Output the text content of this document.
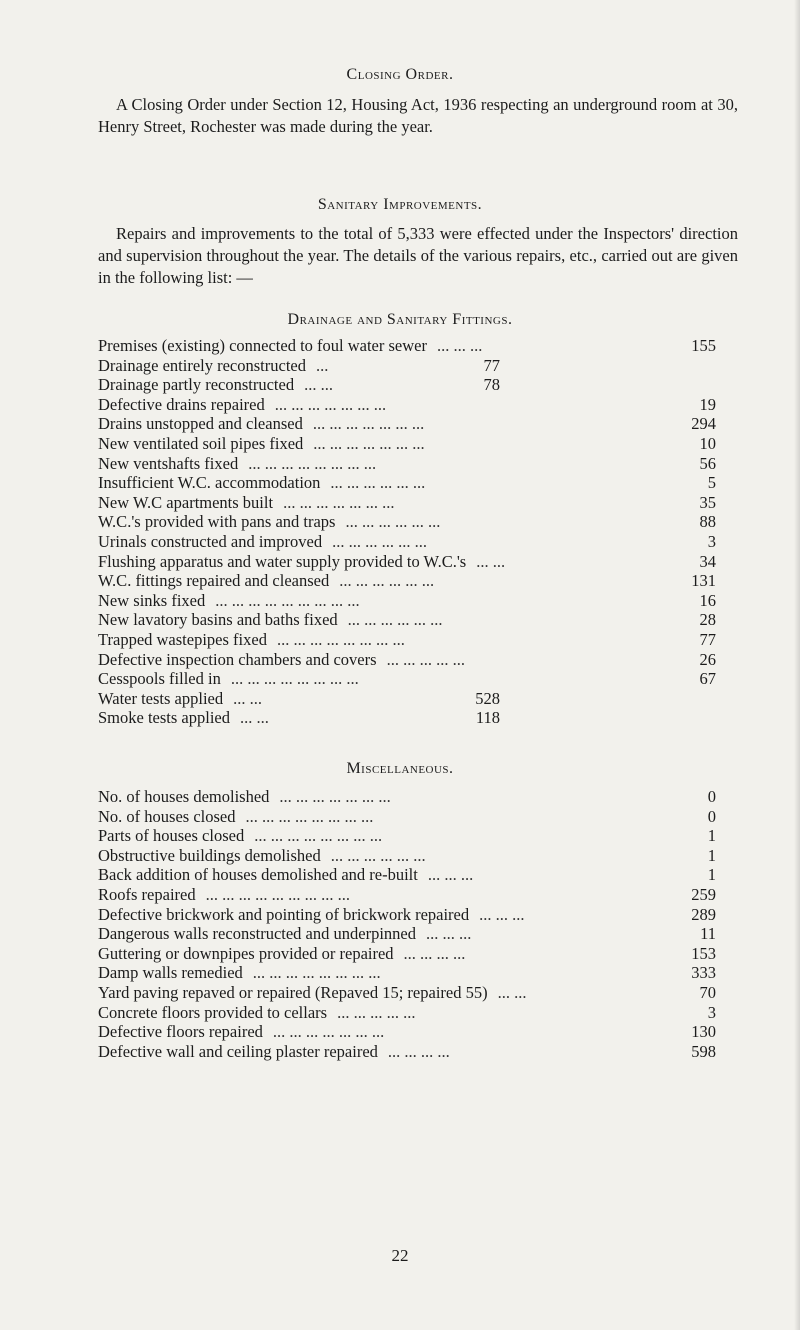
Closing Order.
A Closing Order under Section 12, Housing Act, 1936 respecting an underground room at 30, Henry Street, Rochester was made during the year.
Sanitary Improvements.
Repairs and improvements to the total of 5,333 were effected under the Inspectors' direction and supervision throughout the year. The details of the various repairs, etc., carried out are given in the following list: —
Drainage and Sanitary Fittings.
Premises (existing) connected to foul water sewer ... ... ...	155
Drainage entirely reconstructed ...	77
Drainage partly reconstructed ... ...	78
Defective drains repaired ... ... ... ... ... ... ...	19
Drains unstopped and cleansed ... ... ... ... ... ... ...	294
New ventilated soil pipes fixed ... ... ... ... ... ... ...	10
New ventshafts fixed ... ... ... ... ... ... ... ...	56
Insufficient W.C. accommodation ... ... ... ... ... ...	5
New W.C apartments built ... ... ... ... ... ... ...	35
W.C.'s provided with pans and traps ... ... ... ... ... ...	88
Urinals constructed and improved ... ... ... ... ... ...	3
Flushing apparatus and water supply provided to W.C.'s ... ...	34
W.C. fittings repaired and cleansed ... ... ... ... ... ...	131
New sinks fixed ... ... ... ... ... ... ... ... ...	16
New lavatory basins and baths fixed ... ... ... ... ... ...	28
Trapped wastepipes fixed ... ... ... ... ... ... ... ...	77
Defective inspection chambers and covers ... ... ... ... ...	26
Cesspools filled in ... ... ... ... ... ... ... ...	67
Water tests applied ... ...	528
Smoke tests applied ... ...	118
Miscellaneous.
No. of houses demolished ... ... ... ... ... ... ...	0
No. of houses closed ... ... ... ... ... ... ... ...	0
Parts of houses closed ... ... ... ... ... ... ... ...	1
Obstructive buildings demolished ... ... ... ... ... ...	1
Back addition of houses demolished and re-built ... ... ...	1
Roofs repaired ... ... ... ... ... ... ... ... ...	259
Defective brickwork and pointing of brickwork repaired ... ... ...	289
Dangerous walls reconstructed and underpinned ... ... ...	11
Guttering or downpipes provided or repaired ... ... ... ...	153
Damp walls remedied ... ... ... ... ... ... ... ...	333
Yard paving repaved or repaired (Repaved 15; repaired 55) ... ...	70
Concrete floors provided to cellars ... ... ... ... ...	3
Defective floors repaired ... ... ... ... ... ... ...	130
Defective wall and ceiling plaster repaired ... ... ... ...	598
22
